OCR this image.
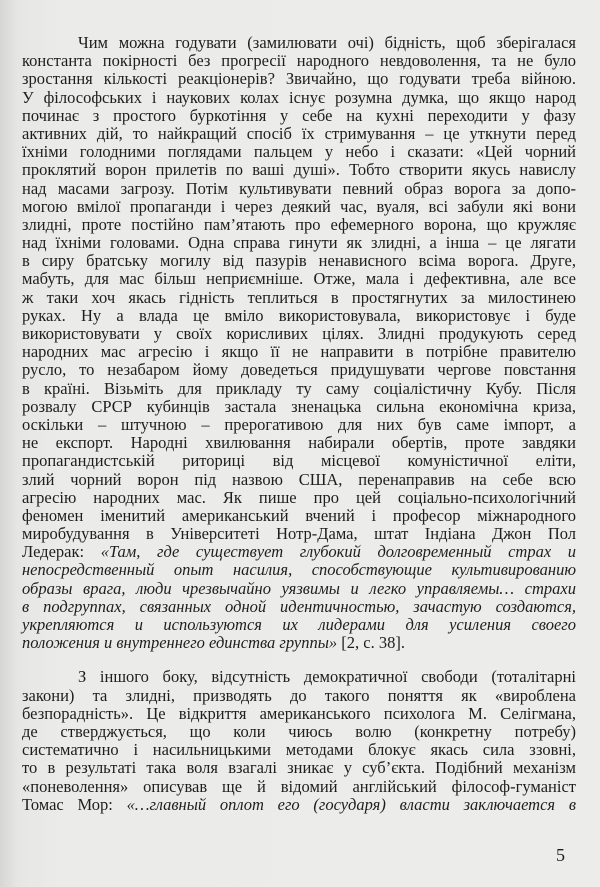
Чим можна годувати (замилювати очі) бідність, щоб зберігалася
константа покірності без прогресії народного невдоволення, та не було
зростання кількості реакціонерів? Звичайно, що годувати треба війною.
У філософських і наукових колах існує розумна думка, що якщо народ
починає з простого буркотіння у себе на кухні переходити у фазу
активних дій, то найкращий спосіб їх стримування – це уткнути перед
їхніми голодними поглядами пальцем у небо і сказати: «Цей чорний
проклятий ворон прилетів по ваші душі». Тобто створити якусь навислу
над масами загрозу. Потім культивувати певний образ ворога за допо-
могою вмілої пропаганди і через деякий час, вуаля, всі забули які вони
злидні, проте постійно пам’ятають про ефемерного ворона, що кружляє
над їхніми головами. Одна справа гинути як злидні, а інша – це лягати
в сиру братську могилу від пазурів ненависного всіма ворога. Друге,
мабуть, для мас більш неприємніше. Отже, мала і дефективна, але все
ж таки хоч якась гідність теплиться в простягнутих за милостинею
руках. Ну а влада це вміло використовувала, використовує і буде
використовувати у своїх корисливих цілях. Злидні продукують серед
народних мас агресію і якщо її не направити в потрібне правителю
русло, то незабаром йому доведеться придушувати чергове повстання
в країні. Візьміть для прикладу ту саму соціалістичну Кубу. Після
розвалу СРСР кубинців застала зненацька сильна економічна криза,
оскільки – штучною – прерогативою для них був саме імпорт, а
не експорт. Народні хвилювання набирали обертів, проте завдяки
пропагандистській риториці від місцевої комуністичної еліти,
злий чорний ворон під назвою США, перенаправив на себе всю
агресію народних мас. Як пише про цей соціально-психологічний
феномен іменитий американський вчений і професор міжнародного
миробудування в Університеті Нотр-Дама, штат Індіана Джон Пол
Ледерак: «Там, где существует глубокий долговременный страх и
непосредственный опыт насилия, способствующие культивированию
образы врага, люди чрезвычайно уязвимы и легко управляемы… страхи
в подгруппах, связанных одной идентичностью, зачастую создаются,
укрепляются и используются их лидерами для усиления своего
положения и внутреннего единства группы» [2, с. 38].
З іншого боку, відсутність демократичної свободи (тоталітарні
закони) та злидні, призводять до такого поняття як «вироблена
безпорадність». Це відкриття американського психолога М. Селігмана,
де стверджується, що коли чиюсь волю (конкретну потребу)
систематично і насильницькими методами блокує якась сила ззовні,
то в результаті така воля взагалі зникає у суб’єкта. Подібний механізм
«поневолення» описував ще й відомий англійський філософ-гуманіст
Томас Мор: «…главный оплот его (государя) власти заключается в
5
